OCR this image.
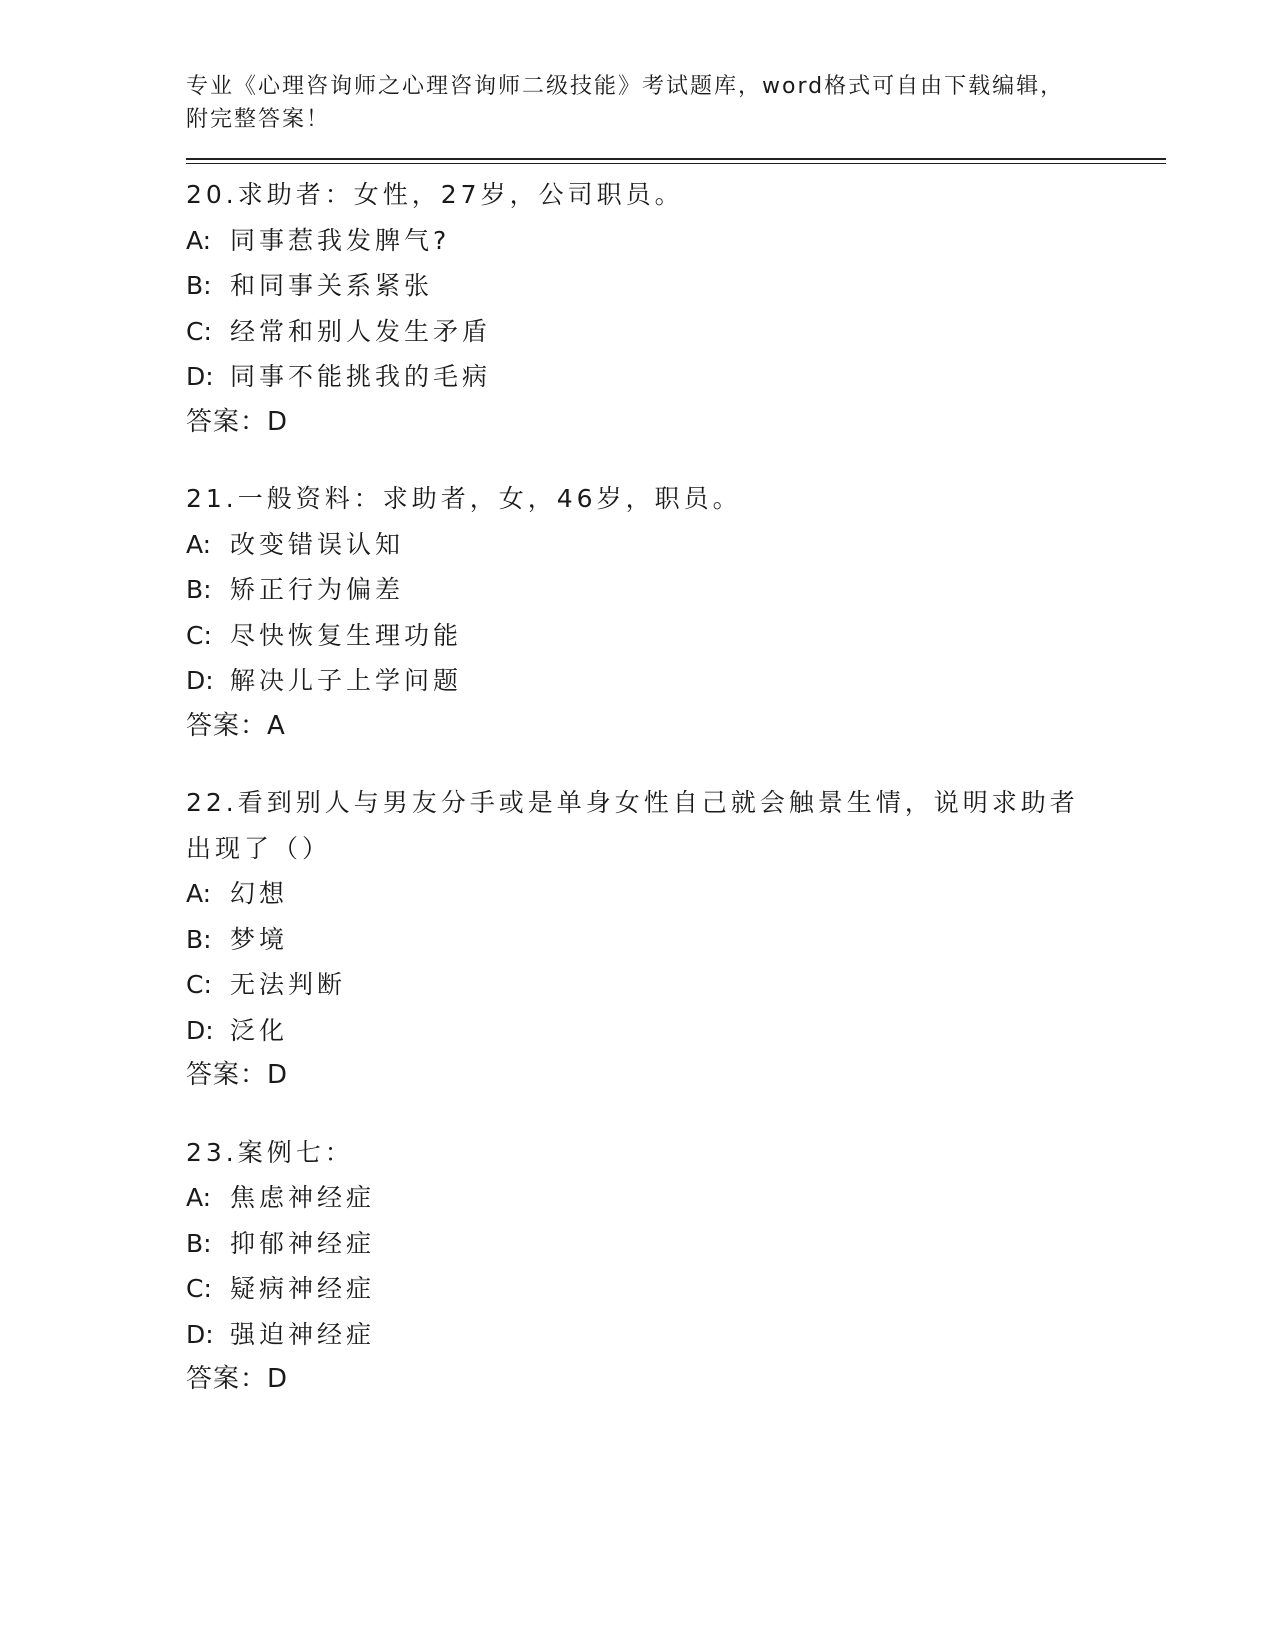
专业《心理咨询师之心理咨询师二级技能》考试题库，word格式可自由下载编辑，附完整答案！
20.求助者：女性，27岁，公司职员。
A: 同事惹我发脾气?
B: 和同事关系紧张
C: 经常和别人发生矛盾
D: 同事不能挑我的毛病
答案：D
21.一般资料：求助者，女，46岁，职员。
A: 改变错误认知
B: 矫正行为偏差
C: 尽快恢复生理功能
D: 解决儿子上学问题
答案：A
22.看到别人与男友分手或是单身女性自己就会触景生情，说明求助者出现了（）
A: 幻想
B: 梦境
C: 无法判断
D: 泛化
答案：D
23.案例七：
A: 焦虑神经症
B: 抑郁神经症
C: 疑病神经症
D: 强迫神经症
答案：D
